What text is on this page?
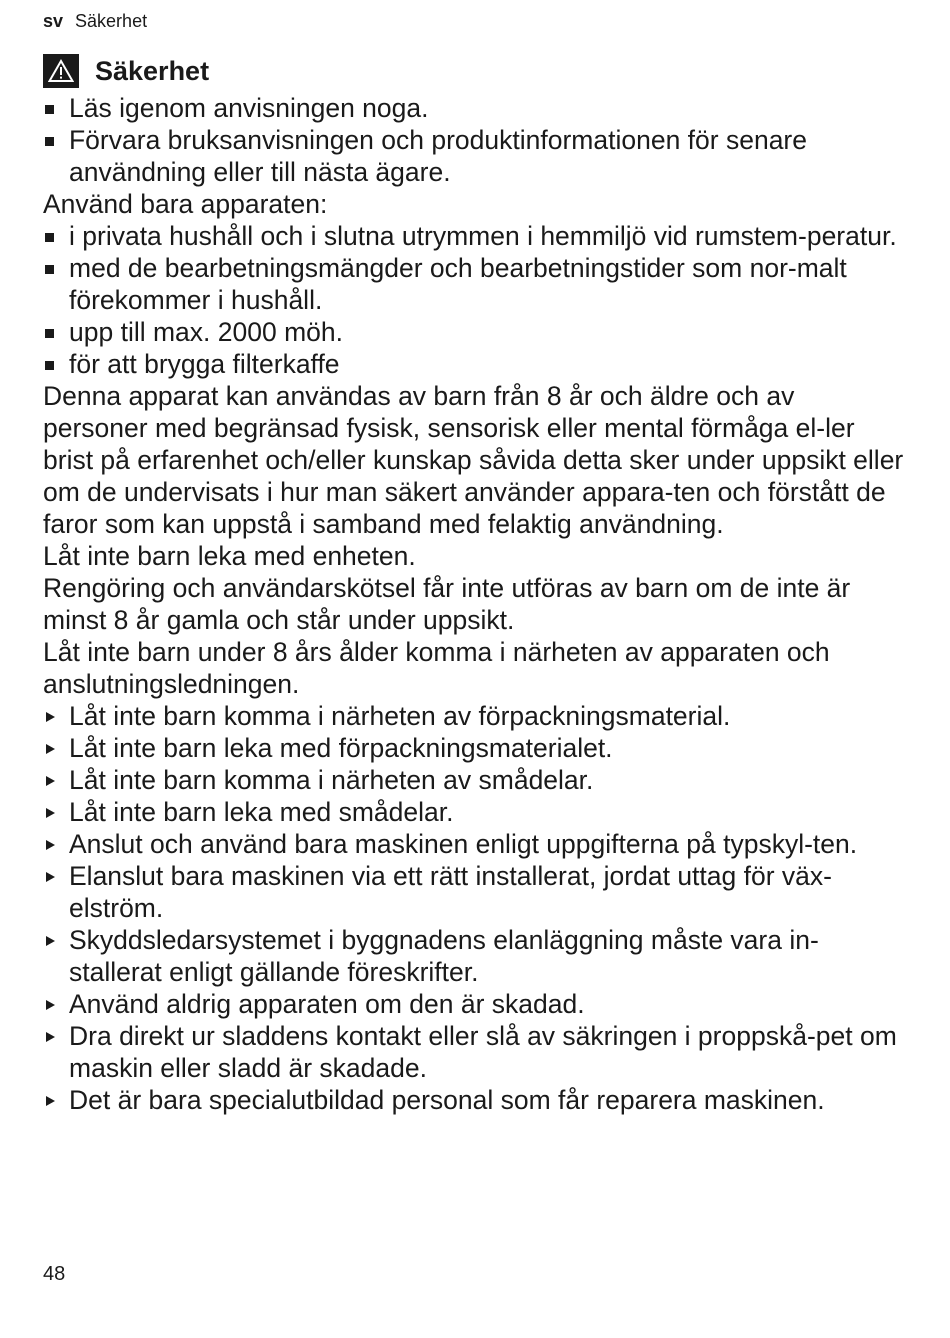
sv Säkerhet
Säkerhet
Läs igenom anvisningen noga.
Förvara bruksanvisningen och produktinformationen för senare användning eller till nästa ägare.

Använd bara apparaten:

i privata hushåll och i slutna utrymmen i hemmiljö vid rumstem-peratur.
med de bearbetningsmängder och bearbetningstider som nor-malt förekommer i hushåll.
upp till max. 2000 möh.
för att brygga filterkaffe

Denna apparat kan användas av barn från 8 år och äldre och av personer med begränsad fysisk, sensorisk eller mental förmåga el-ler brist på erfarenhet och/eller kunskap såvida detta sker under uppsikt eller om de undervisats i hur man säkert använder appara-ten och förstått de faror som kan uppstå i samband med felaktig användning.

Låt inte barn leka med enheten.

Rengöring och användarskötsel får inte utföras av barn om de inte är minst 8 år gamla och står under uppsikt.

Låt inte barn under 8 års ålder komma i närheten av apparaten och anslutningsledningen.

Låt inte barn komma i närheten av förpackningsmaterial.
Låt inte barn leka med förpackningsmaterialet.
Låt inte barn komma i närheten av smådelar.
Låt inte barn leka med smådelar.
Anslut och använd bara maskinen enligt uppgifterna på typskyl-ten.
Elanslut bara maskinen via ett rätt installerat, jordat uttag för väx-elström.
Skyddsledarsystemet i byggnadens elanläggning måste vara in-stallerat enligt gällande föreskrifter.
Använd aldrig apparaten om den är skadad.
Dra direkt ur sladdens kontakt eller slå av säkringen i proppskå-pet om maskin eller sladd är skadade.
Det är bara specialutbildad personal som får reparera maskinen.
48
